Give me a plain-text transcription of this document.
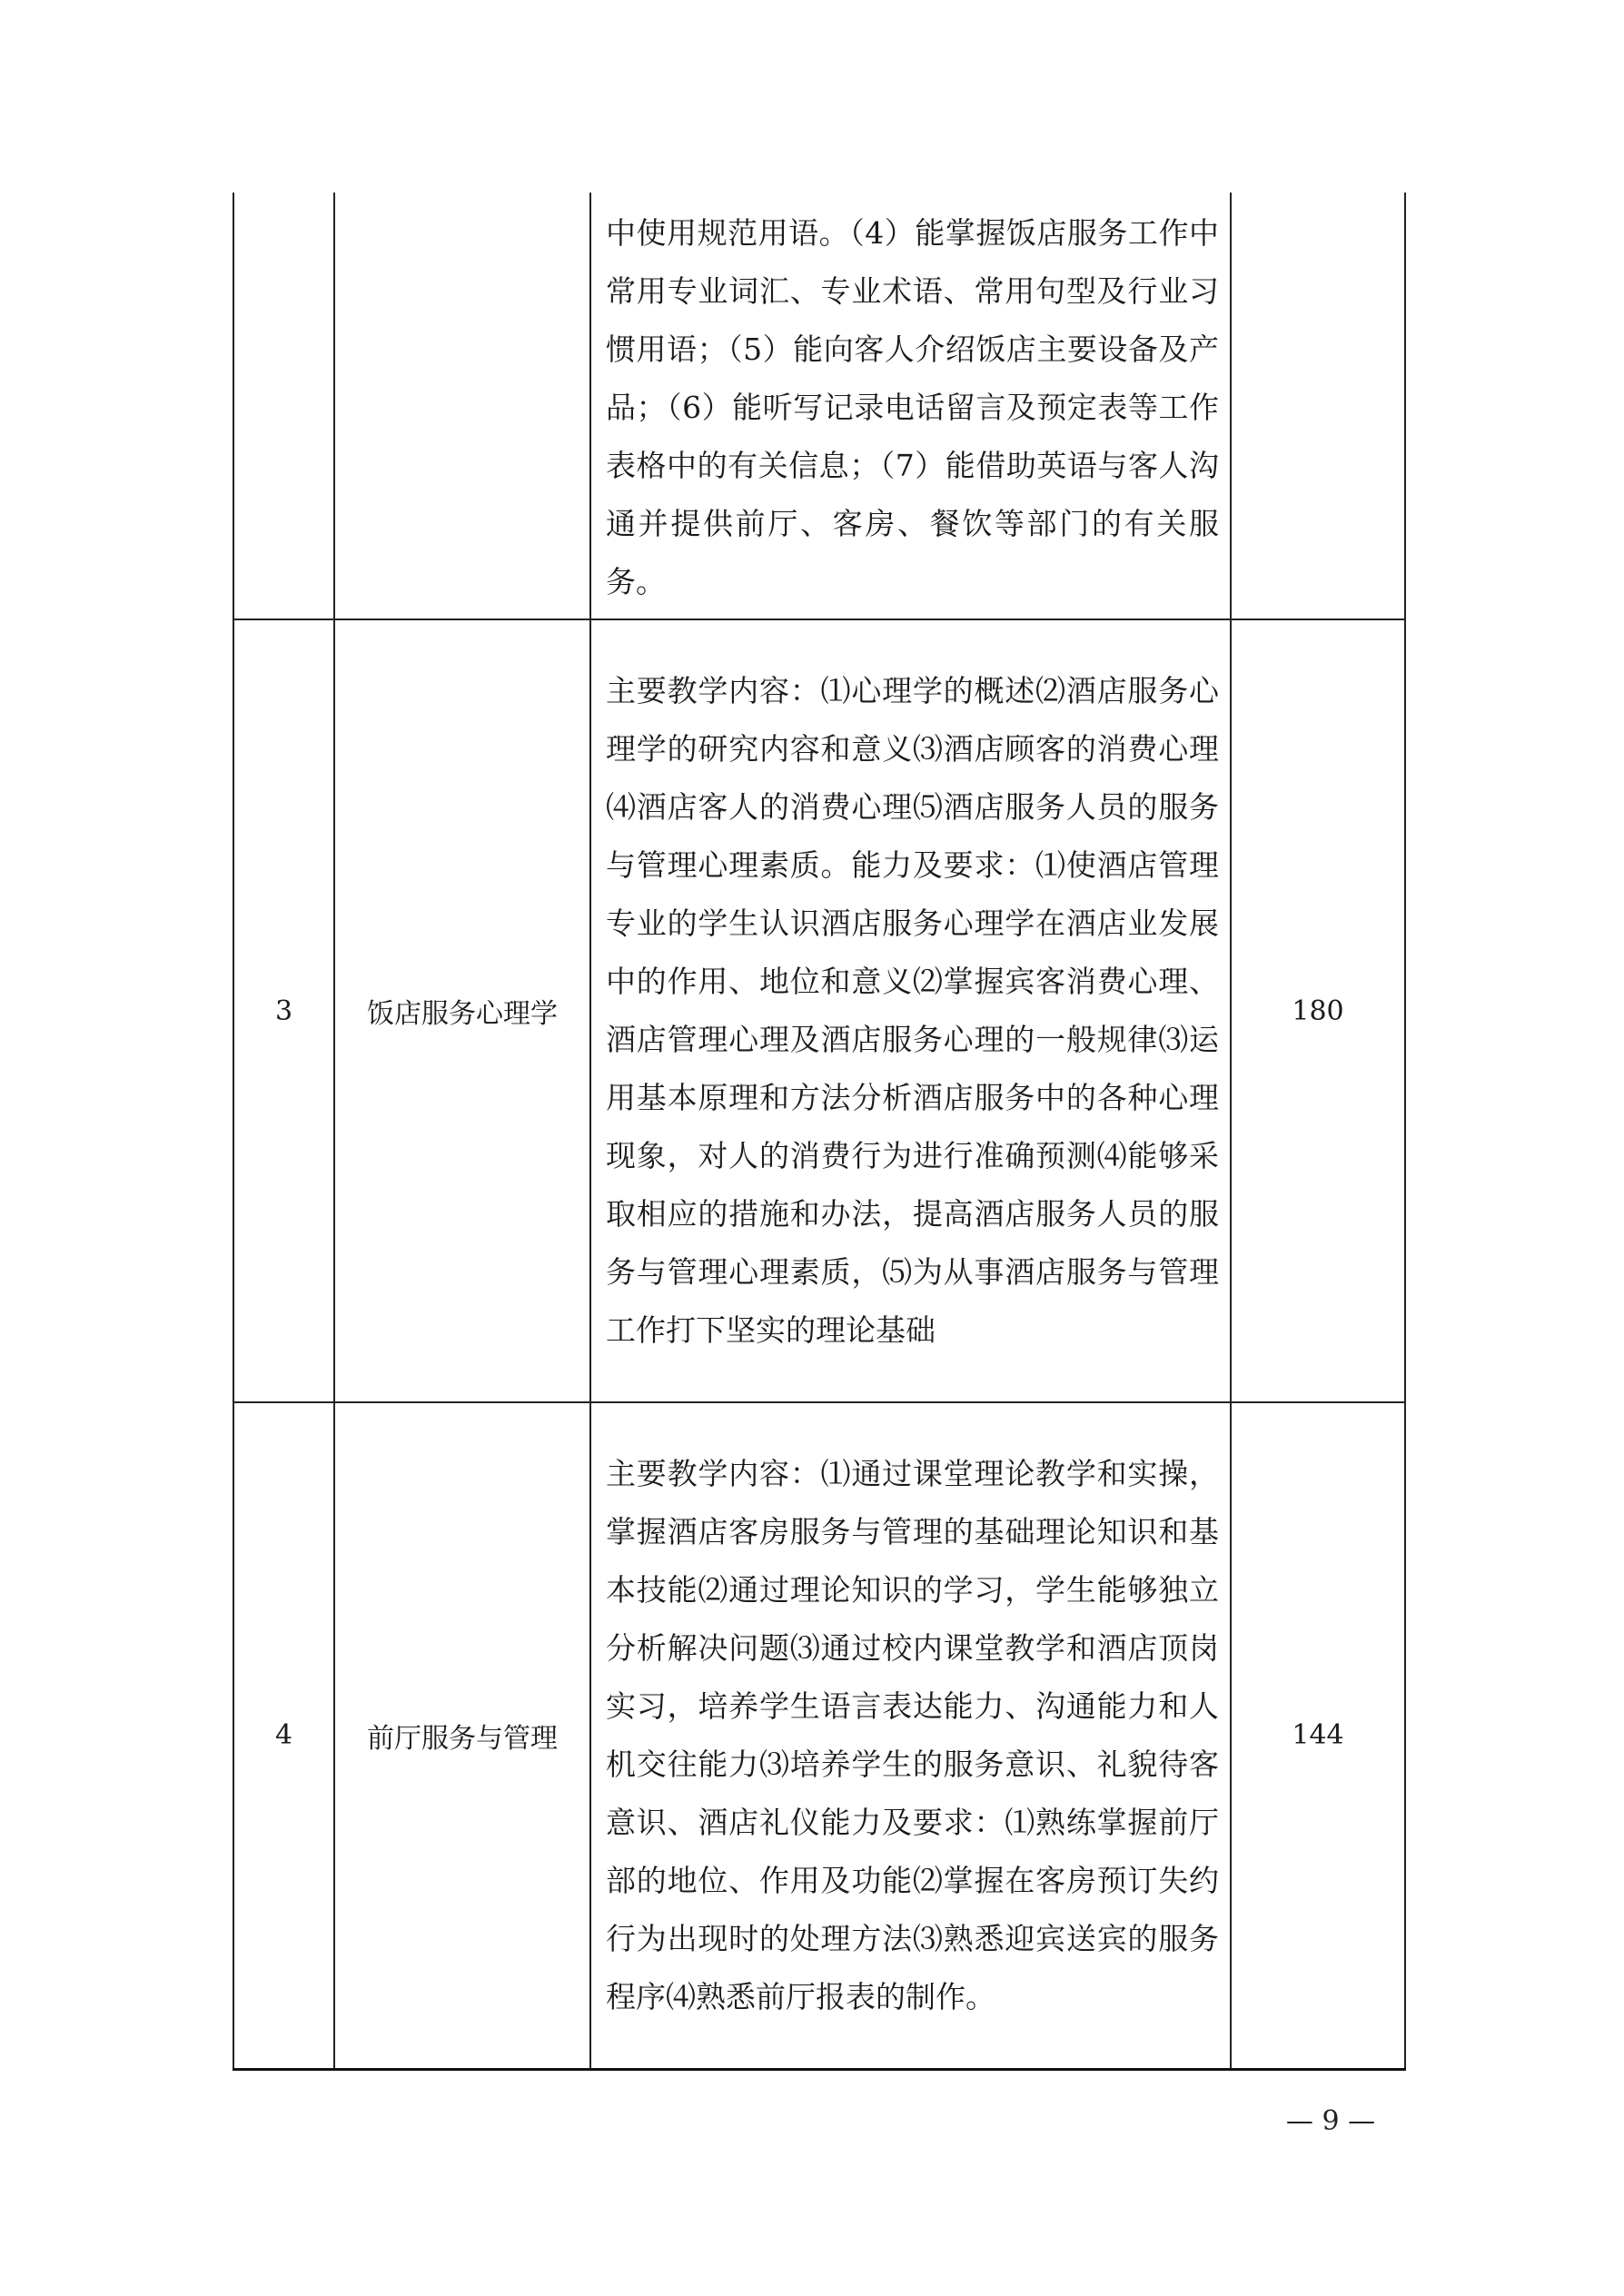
		中使用规范用语。（4）能掌握饭店服务工作中常用专业词汇、专业术语、常用句型及行业习惯用语；（5）能向客人介绍饭店主要设备及产品；（6）能听写记录电话留言及预定表等工作表格中的有关信息；（7）能借助英语与客人沟通并提供前厅、客房、餐饮等部门的有关服务。	
3	饭店服务心理学	主要教学内容：⑴心理学的概述⑵酒店服务心理学的研究内容和意义⑶酒店顾客的消费心理⑷酒店客人的消费心理⑸酒店服务人员的服务与管理心理素质。能力及要求：⑴使酒店管理专业的学生认识酒店服务心理学在酒店业发展中的作用、地位和意义⑵掌握宾客消费心理、酒店管理心理及酒店服务心理的一般规律⑶运用基本原理和方法分析酒店服务中的各种心理现象，对人的消费行为进行准确预测⑷能够采取相应的措施和办法，提高酒店服务人员的服务与管理心理素质，⑸为从事酒店服务与管理工作打下坚实的理论基础	180
4	前厅服务与管理	主要教学内容：⑴通过课堂理论教学和实操，掌握酒店客房服务与管理的基础理论知识和基本技能⑵通过理论知识的学习，学生能够独立分析解决问题⑶通过校内课堂教学和酒店顶岗实习，培养学生语言表达能力、沟通能力和人机交往能力⑶培养学生的服务意识、礼貌待客意识、酒店礼仪能力及要求：⑴熟练掌握前厅部的地位、作用及功能⑵掌握在客房预订失约行为出现时的处理方法⑶熟悉迎宾送宾的服务程序⑷熟悉前厅报表的制作。	144
— 9 —
